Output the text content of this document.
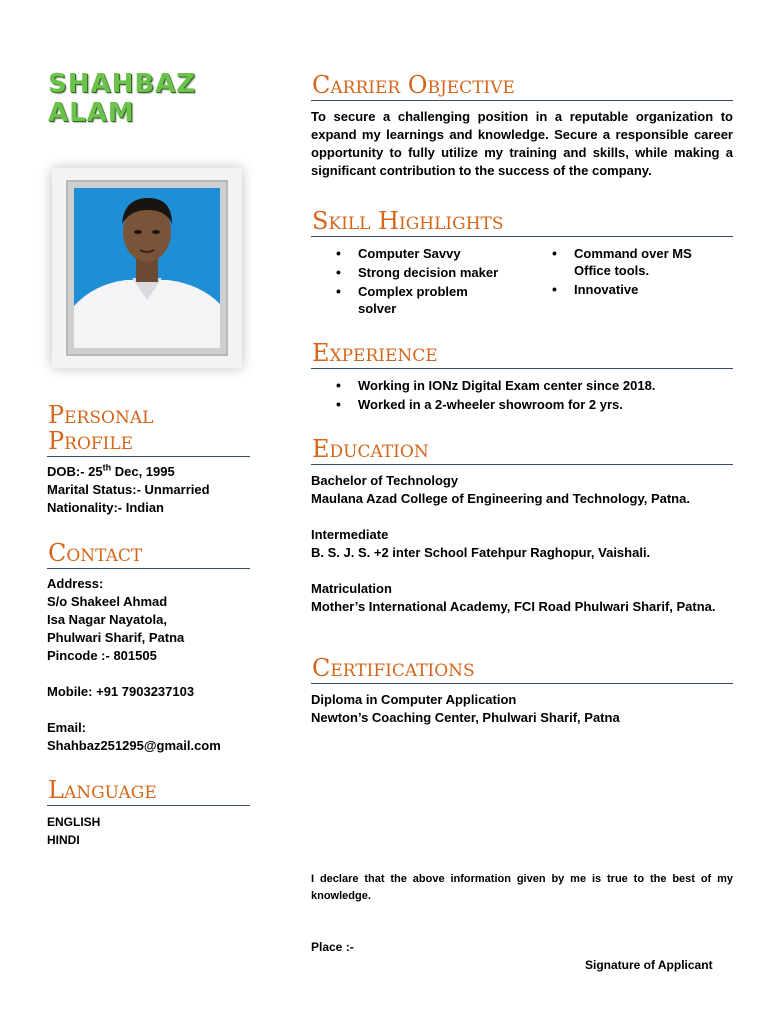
SHAHBAZ
ALAM
Personal
Profile

DOB:- 25th Dec, 1995

Marital Status:- Unmarried

Nationality:- Indian

Contact

Address:

S/o Shakeel Ahmad

Isa Nagar Nayatola,

Phulwari Sharif, Patna

Pincode :- 801505

Mobile: +91 7903237103

Email:

Shahbaz251295@gmail.com

Language

ENGLISH

HINDI

Carrier Objective
To secure a challenging position in a reputable organization to expand my learnings and knowledge. Secure a responsible career opportunity to fully utilize my training and skills, while making a significant contribution to the success of the company.
Skill Highlights
• Computer Savvy
• Strong decision maker
• Complex problem solver
• Command over MS Office tools.
• Innovative
Experience
• Working in IONz Digital Exam center since 2018.
• Worked in a 2-wheeler showroom for 2 yrs.
Education

Bachelor of Technology

Maulana Azad College of Engineering and Technology, Patna.

Intermediate

B. S. J. S. +2 inter School Fatehpur Raghopur, Vaishali.

Matriculation

Mother’s International Academy, FCI Road Phulwari Sharif, Patna.

Certifications

Diploma in Computer Application

Newton’s Coaching Center, Phulwari Sharif, Patna

I declare that the above information given by me is true to the best of my knowledge.
Place :-
Signature of Applicant
